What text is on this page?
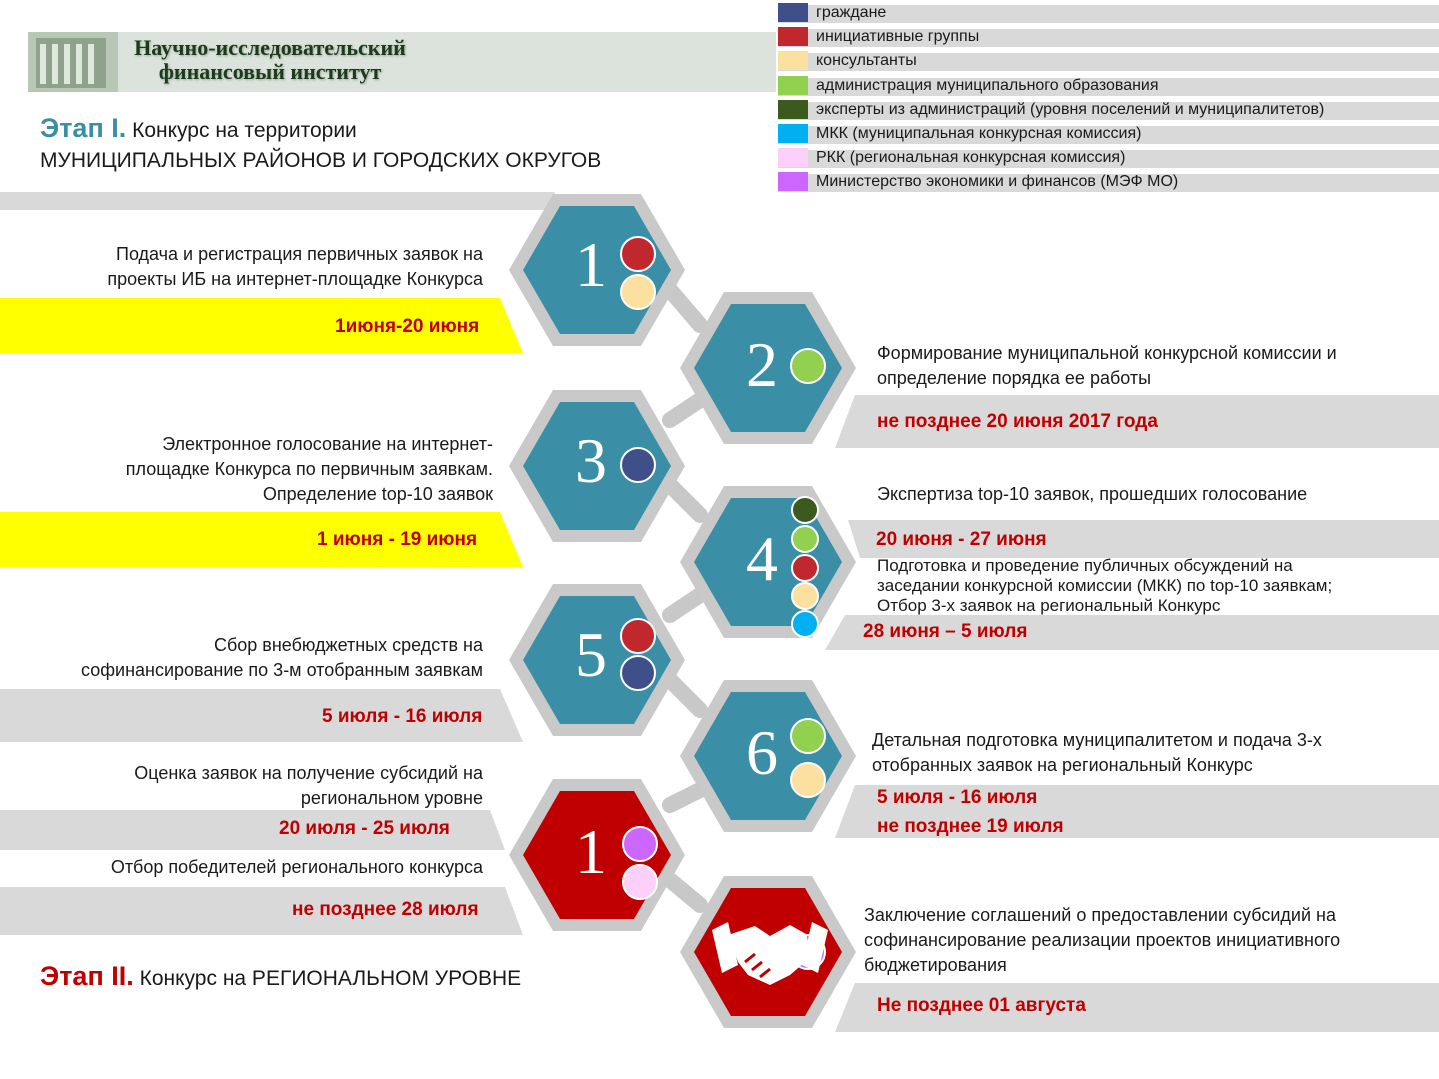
Научно-исследовательский
финансовый институт
Этап I. Конкурс на территории
МУНИЦИПАЛЬНЫХ РАЙОНОВ И ГОРОДСКИХ ОКРУГОВ
Этап II. Конкурс на РЕГИОНАЛЬНОМ УРОВНЕ
граждане
инициативные группы
консультанты
администрация муниципального образования
эксперты из администраций (уровня поселений и муниципалитетов)
МКК (муниципальная конкурсная комиссия)
РКК (региональная конкурсная комиссия)
Министерство экономики и финансов (МЭФ МО)
1
2
3
4
5
6
1
Подача и регистрация первичных заявок на
проекты ИБ на интернет-площадке Конкурса
1июня-20 июня
Формирование муниципальной конкурсной комиссии и
определение порядка ее работы
не позднее 20 июня 2017 года
Электронное голосование на интернет-
площадке Конкурса по первичным заявкам.
Определение top-10 заявок
1 июня - 19 июня
Экспертиза top-10 заявок, прошедших голосование
20 июня - 27 июня
Подготовка и проведение публичных обсуждений на
заседании конкурсной комиссии (МКК) по top-10 заявкам;
Отбор 3-х заявок на региональный Конкурс
28 июня – 5 июля
Сбор внебюджетных средств на
софинансирование по 3-м отобранным заявкам
5 июля - 16 июля
Детальная подготовка муниципалитетом и подача 3-х
отобранных заявок на региональный Конкурс
5 июля - 16 июля
не позднее 19 июля
Оценка заявок на получение субсидий на
региональном уровне
20 июля - 25 июля
Отбор победителей регионального конкурса
не позднее 28 июля	Заключение соглашений о предоставлении субсидий на
софинансирование реализации проектов инициативного
бюджетирования
Не позднее 01 августа
